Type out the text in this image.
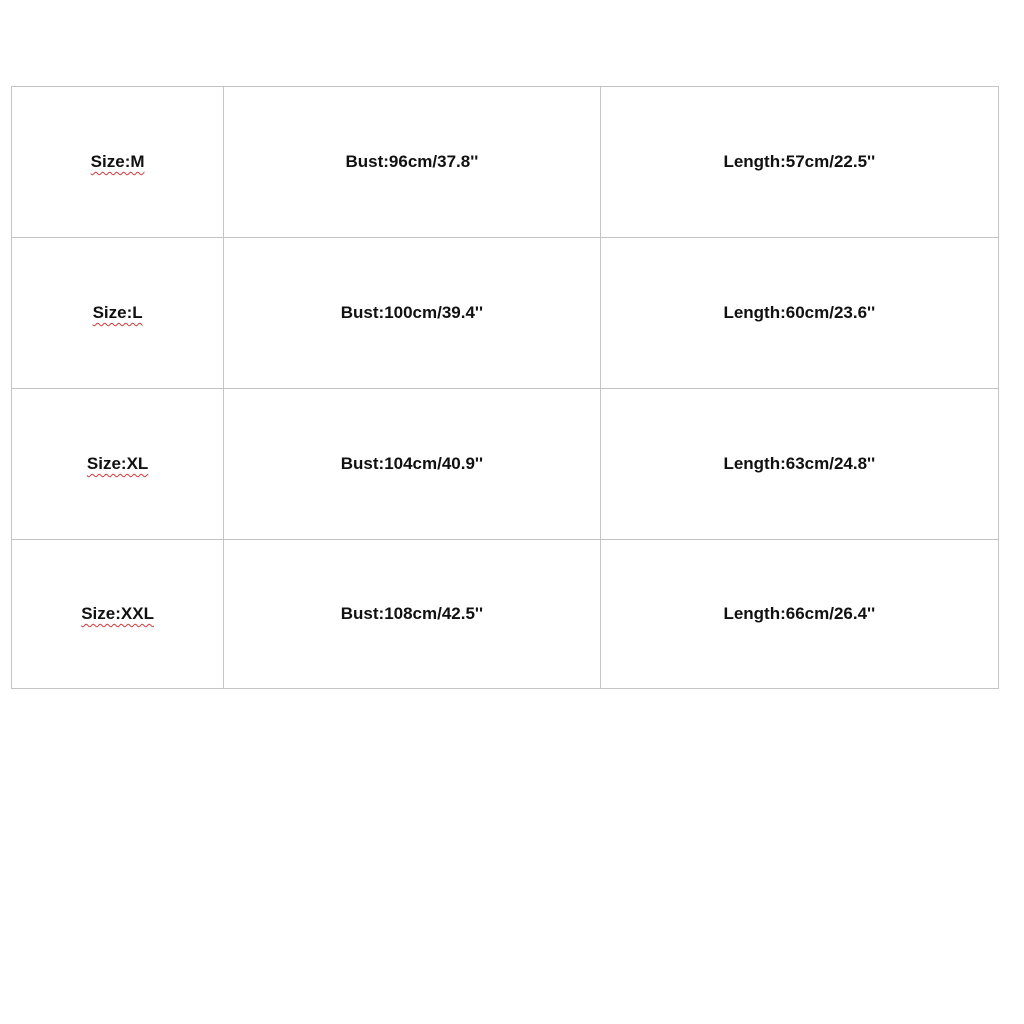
Size:M	Bust:96cm/37.8''	Length:57cm/22.5''
Size:L	Bust:100cm/39.4''	Length:60cm/23.6''
Size:XL	Bust:104cm/40.9''	Length:63cm/24.8''
Size:XXL	Bust:108cm/42.5''	Length:66cm/26.4''
